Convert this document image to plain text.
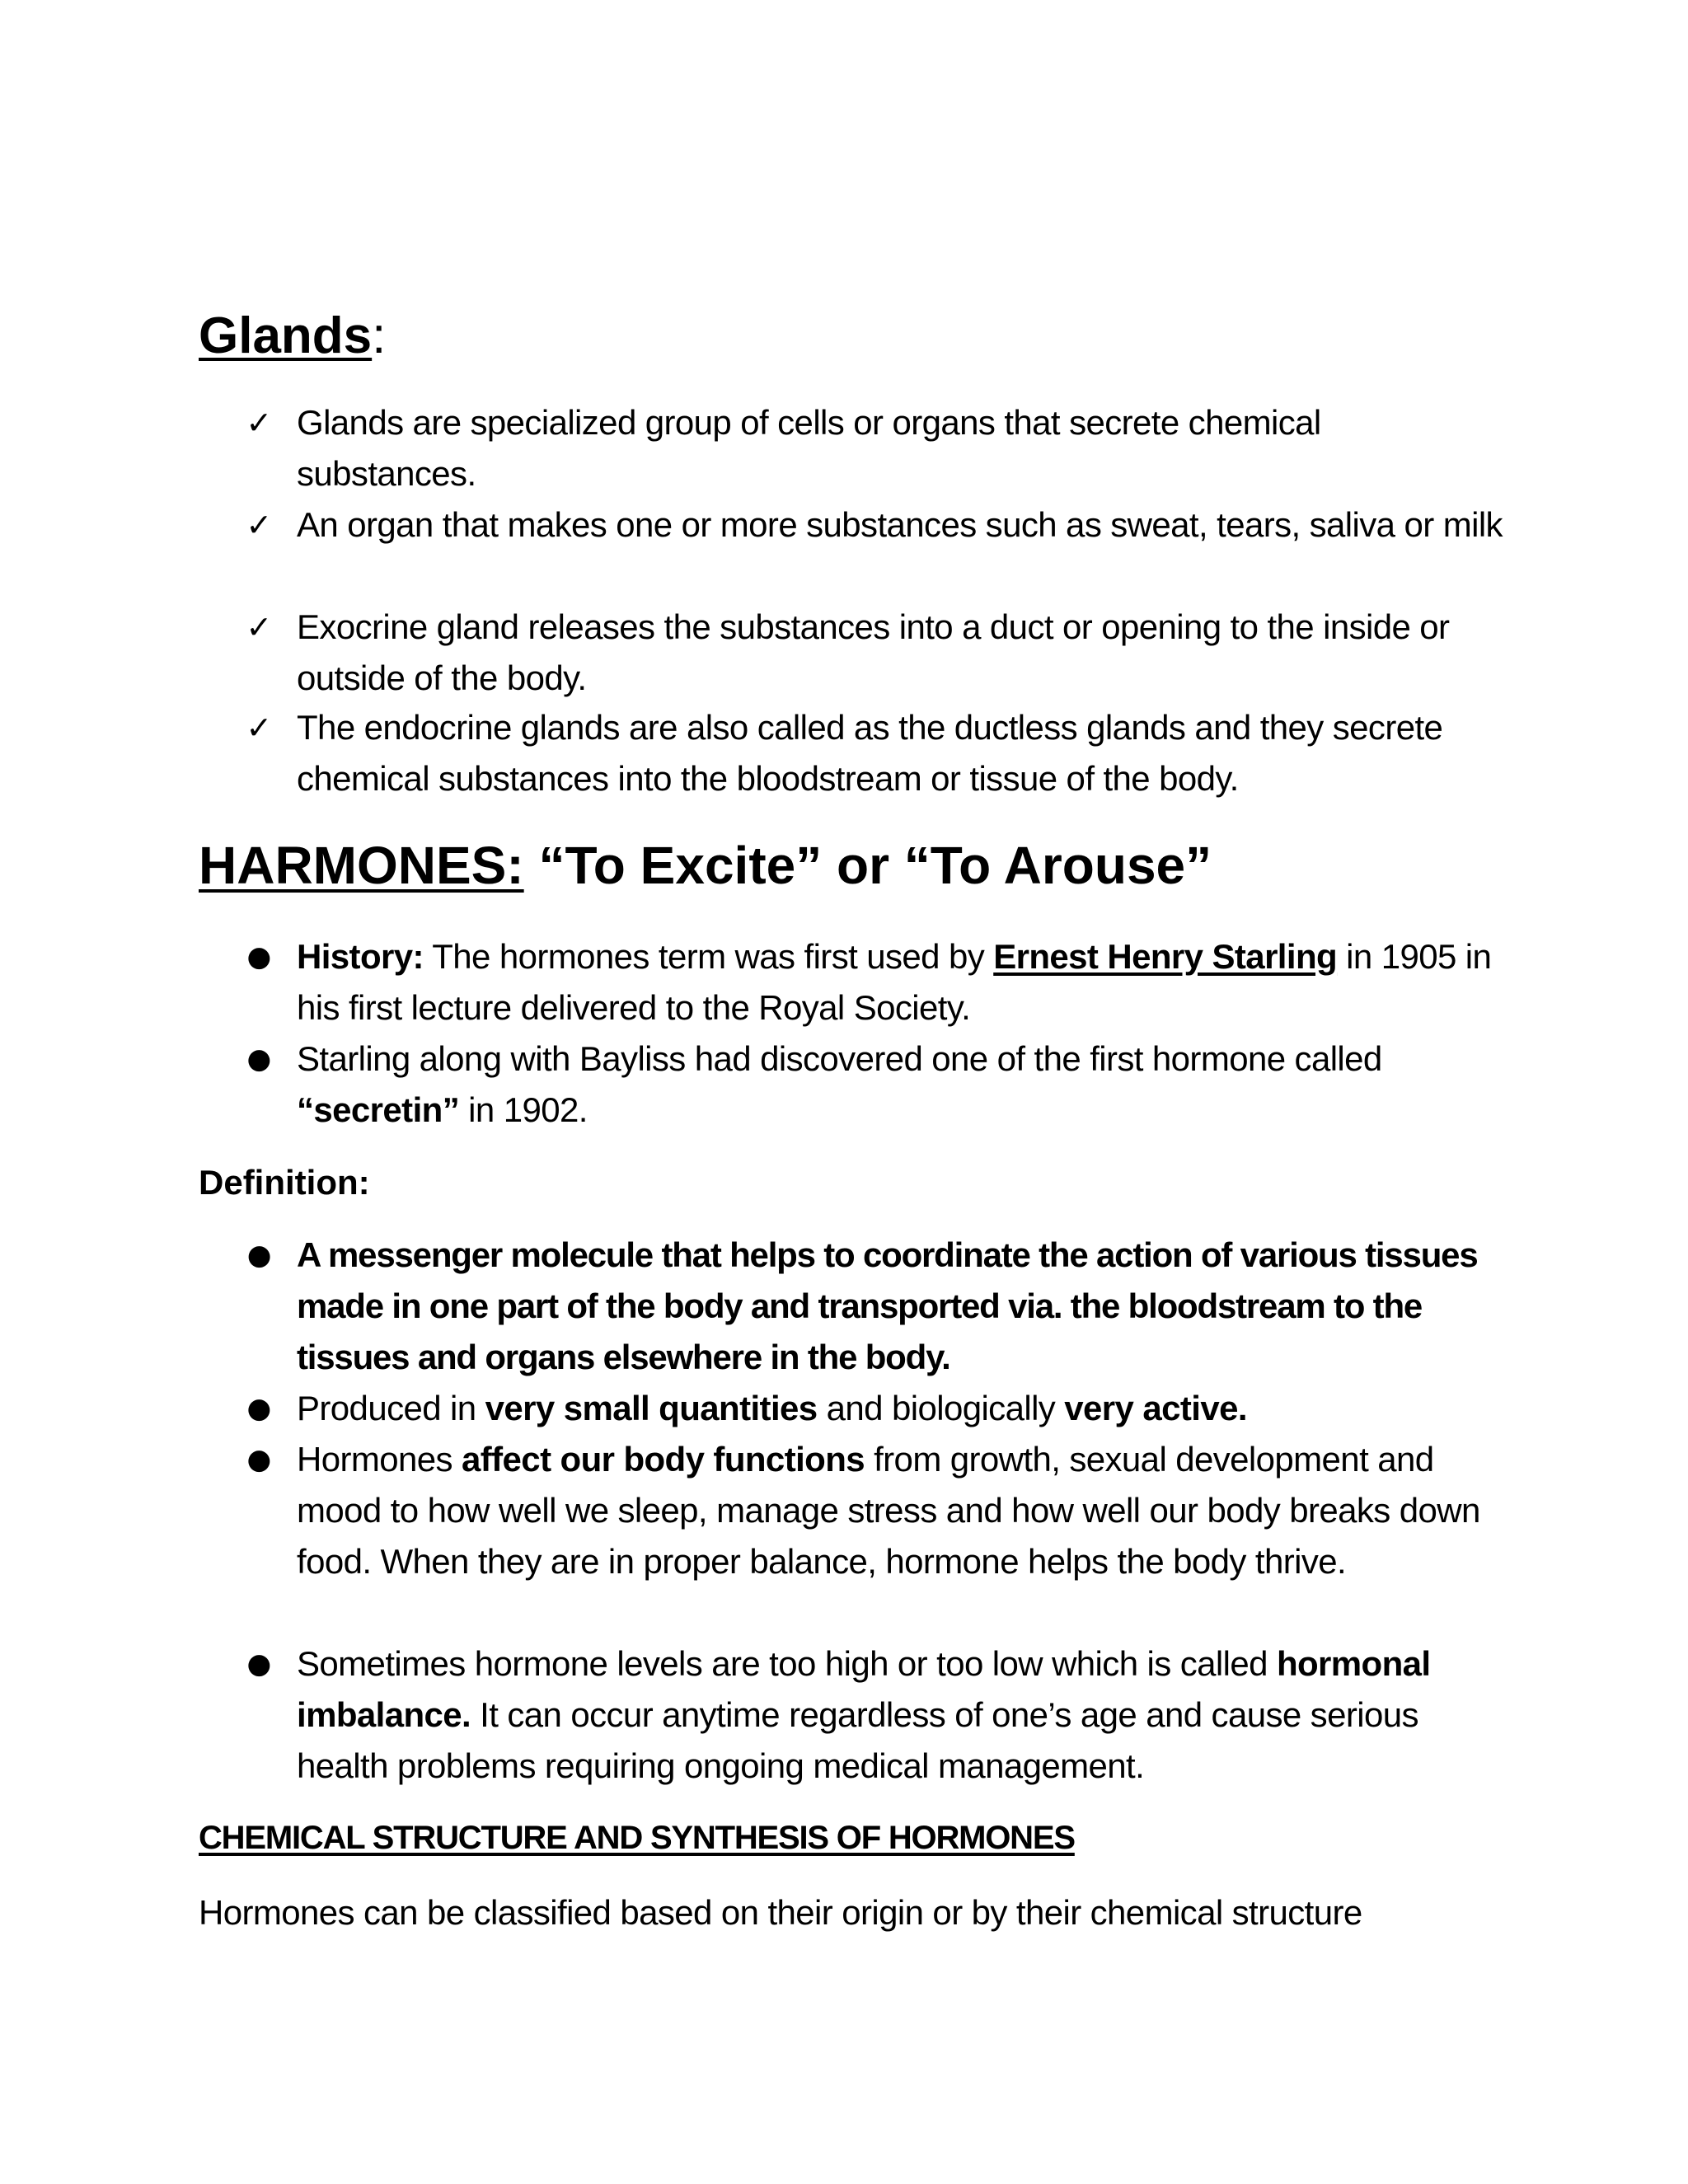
Glands:
✓ Glands are specialized group of cells or organs that secrete chemical substances.
✓ An organ that makes one or more substances such as sweat, tears, saliva or milk
✓ Exocrine gland releases the substances into a duct or opening to the inside or outside of the body.
✓ The endocrine glands are also called as the ductless glands and they secrete chemical substances into the bloodstream or tissue of the body.
HARMONES: “To Excite” or “To Arouse”
● History: The hormones term was first used by Ernest Henry Starling in 1905 in his first lecture delivered to the Royal Society.
● Starling along with Bayliss had discovered one of the first hormone called “secretin” in 1902.
Definition:
● A messenger molecule that helps to coordinate the action of various tissues made in one part of the body and transported via. the bloodstream to the tissues and organs elsewhere in the body.
● Produced in very small quantities and biologically very active.
● Hormones affect our body functions from growth, sexual development and mood to how well we sleep, manage stress and how well our body breaks down food. When they are in proper balance, hormone helps the body thrive.
● Sometimes hormone levels are too high or too low which is called hormonal imbalance. It can occur anytime regardless of one’s age and cause serious health problems requiring ongoing medical management.
CHEMICAL STRUCTURE AND SYNTHESIS OF HORMONES
Hormones can be classified based on their origin or by their chemical structure
